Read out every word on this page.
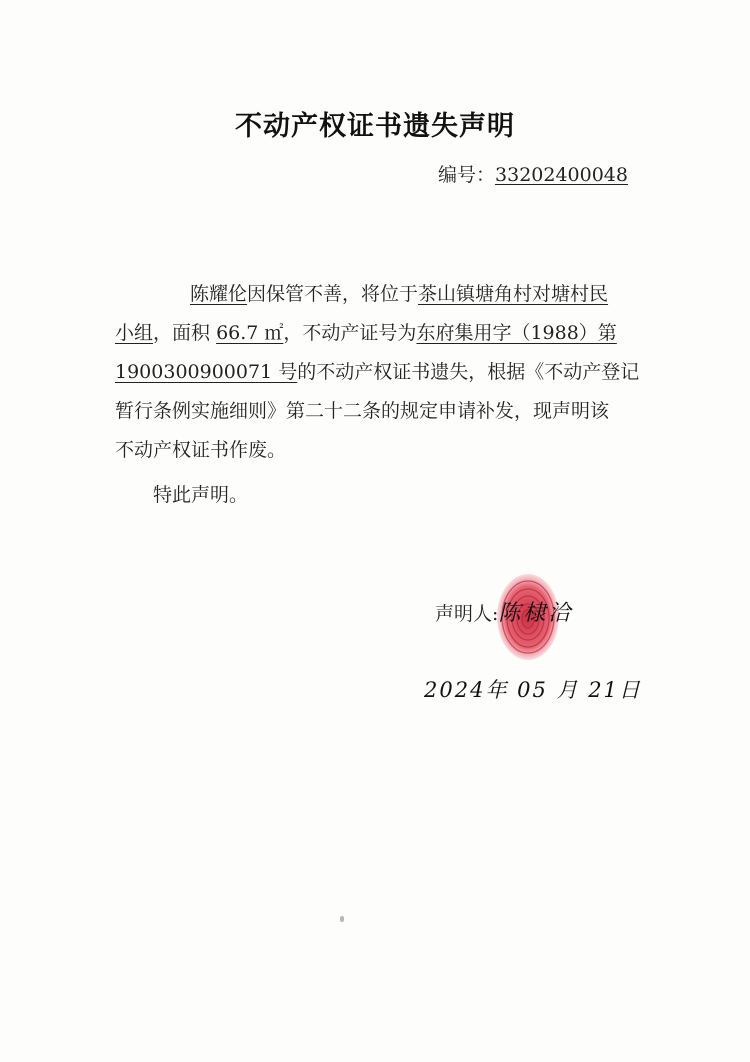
不动产权证书遗失声明
编号：33202400048
陈耀伦因保管不善，将位于茶山镇塘角村对塘村民
小组，面积 66.7 ㎡，不动产证号为东府集用字（1988）第
1900300900071 号的不动产权证书遗失，根据《不动产登记
暂行条例实施细则》第二十二条的规定申请补发，现声明该
不动产权证书作废。
特此声明。
声明人:陈棣洽
2024年 05 月 21日
